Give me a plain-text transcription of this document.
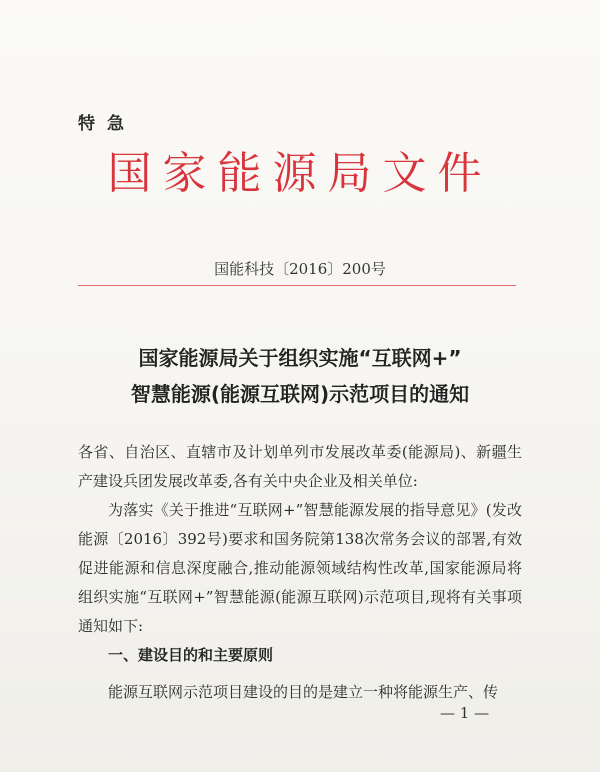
特急
国家能源局文件
国能科技〔2016〕200号
国家能源局关于组织实施“互联网+”
智慧能源(能源互联网)示范项目的通知
各省、自治区、直辖市及计划单列市发展改革委(能源局)、新疆生产建设兵团发展改革委,各有关中央企业及相关单位:
为落实《关于推进“互联网+”智慧能源发展的指导意见》(发改能源〔2016〕392号)要求和国务院第138次常务会议的部署,有效促进能源和信息深度融合,推动能源领域结构性改革,国家能源局将组织实施“互联网+”智慧能源(能源互联网)示范项目,现将有关事项通知如下:
一、建设目的和主要原则
能源互联网示范项目建设的目的是建立一种将能源生产、传
— 1 —
